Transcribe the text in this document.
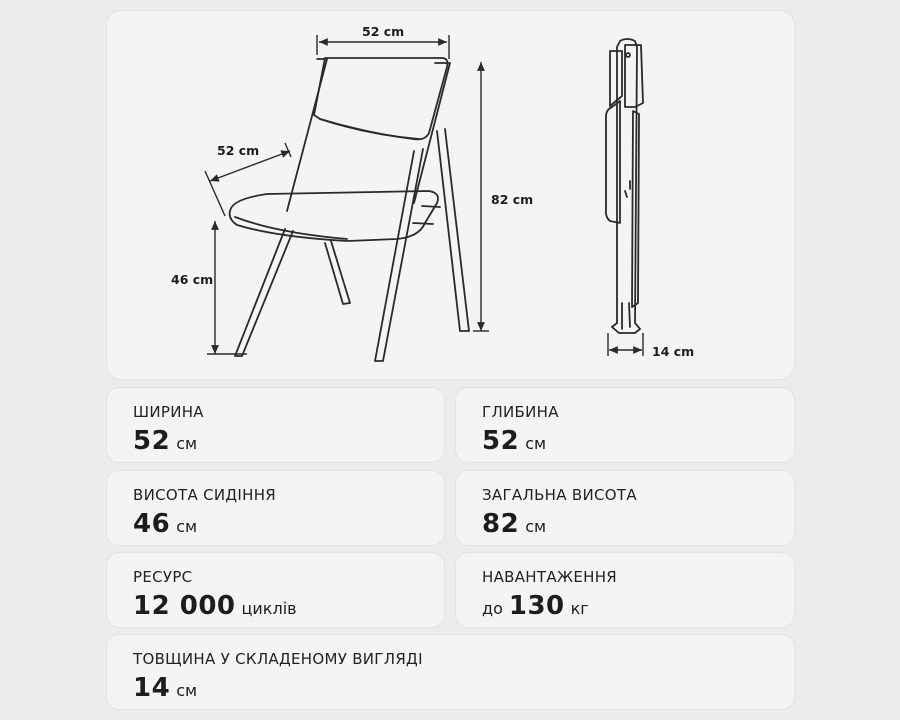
52 cm
52 cm
82 cm
46 cm
14 cm
ШИРИНА
52 см
ГЛИБИНА
52 см
ВИСОТА СИДІННЯ
46 см
ЗАГАЛЬНА ВИСОТА
82 см
РЕСУРС
12 000 циклів
НАВАНТАЖЕННЯ
до 130 кг
ТОВЩИНА У СКЛАДЕНОМУ ВИГЛЯДІ
14 см
